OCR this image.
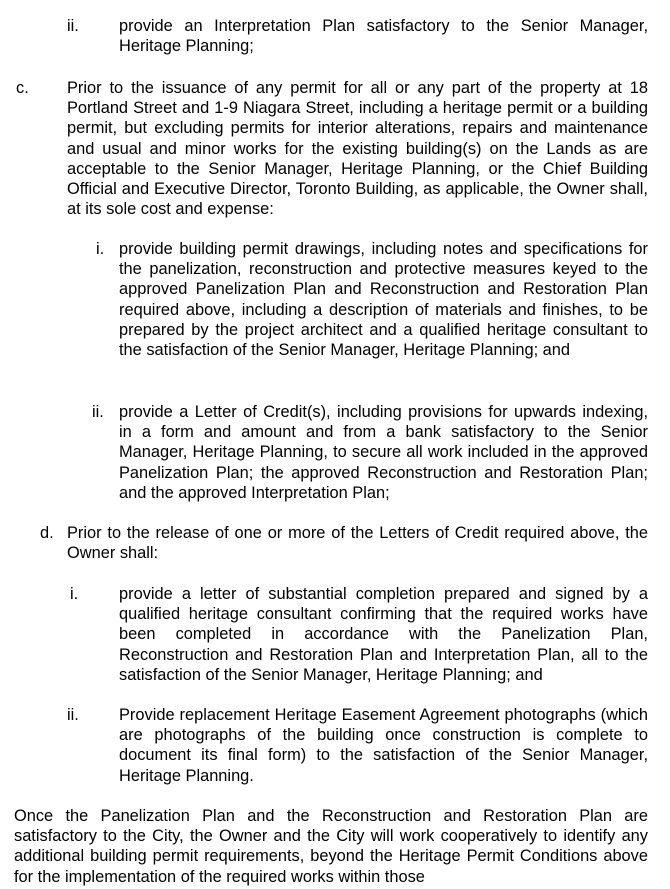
ii. provide an Interpretation Plan satisfactory to the Senior Manager, Heritage Planning;

c. Prior to the issuance of any permit for all or any part of the property at 18 Portland Street and 1-9 Niagara Street, including a heritage permit or a building permit, but excluding permits for interior alterations, repairs and maintenance and usual and minor works for the existing building(s) on the Lands as are acceptable to the Senior Manager, Heritage Planning, or the Chief Building Official and Executive Director, Toronto Building, as applicable, the Owner shall, at its sole cost and expense:

i. provide building permit drawings, including notes and specifications for the panelization, reconstruction and protective measures keyed to the approved Panelization Plan and Reconstruction and Restoration Plan required above, including a description of materials and finishes, to be prepared by the project architect and a qualified heritage consultant to the satisfaction of the Senior Manager, Heritage Planning; and

ii. provide a Letter of Credit(s), including provisions for upwards indexing, in a form and amount and from a bank satisfactory to the Senior Manager, Heritage Planning, to secure all work included in the approved Panelization Plan; the approved Reconstruction and Restoration Plan; and the approved Interpretation Plan;

d. Prior to the release of one or more of the Letters of Credit required above, the Owner shall:

i. provide a letter of substantial completion prepared and signed by a qualified heritage consultant confirming that the required works have been completed in accordance with the Panelization Plan, Reconstruction and Restoration Plan and Interpretation Plan, all to the satisfaction of the Senior Manager, Heritage Planning; and

ii. Provide replacement Heritage Easement Agreement photographs (which are photographs of the building once construction is complete to document its final form) to the satisfaction of the Senior Manager, Heritage Planning.

Once the Panelization Plan and the Reconstruction and Restoration Plan are satisfactory to the City, the Owner and the City will work cooperatively to identify any additional building permit requirements, beyond the Heritage Permit Conditions above for the implementation of the required works within those
